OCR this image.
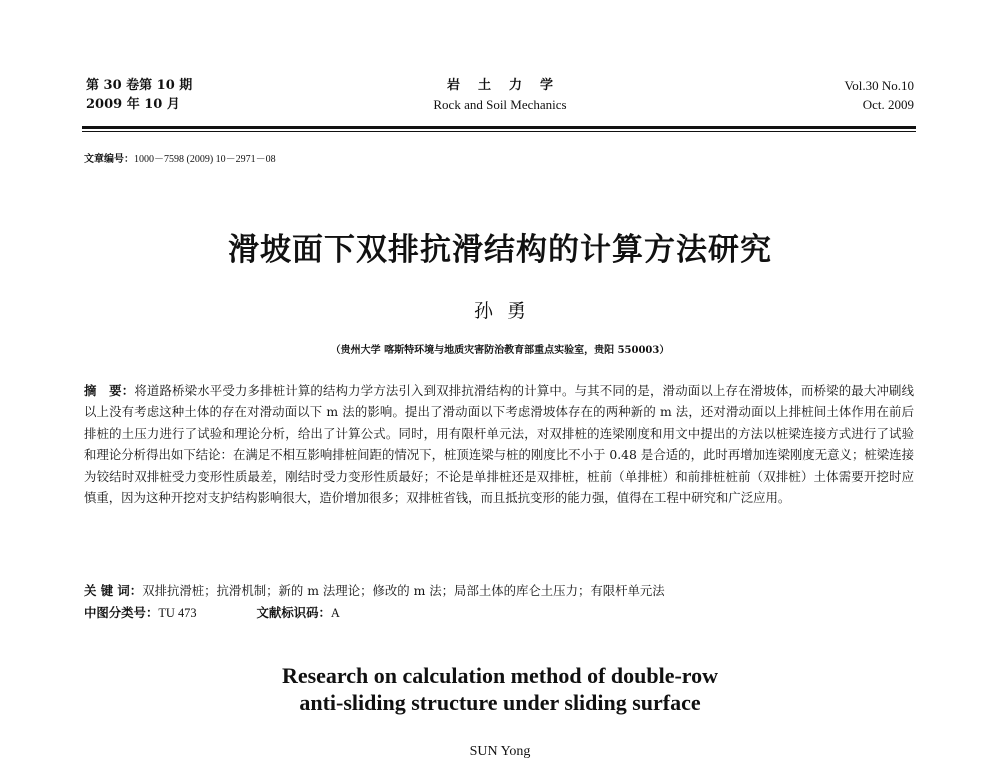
第 30 卷第 10 期
2009 年 10 月
岩土力学
Rock and Soil Mechanics
Vol.30 No.10
Oct. 2009
文章编号：1000－7598 (2009) 10－2971－08
滑坡面下双排抗滑结构的计算方法研究
孙勇
（贵州大学 喀斯特环境与地质灾害防治教育部重点实验室，贵阳 550003）

摘　要：将道路桥梁水平受力多排桩计算的结构力学方法引入到双排抗滑结构的计算中。与其不同的是，滑动面以上存在滑坡体，而桥梁的最大冲刷线以上没有考虑这种土体的存在对滑动面以下 m 法的影响。提出了滑动面以下考虑滑坡体存在的两种新的 m 法，还对滑动面以上排桩间土体作用在前后排桩的土压力进行了试验和理论分析，给出了计算公式。同时，用有限杆单元法，对双排桩的连梁刚度和用文中提出的方法以桩梁连接方式进行了试验和理论分析得出如下结论：在满足不相互影响排桩间距的情况下，桩顶连梁与桩的刚度比不小于 0.48 是合适的，此时再增加连梁刚度无意义；桩梁连接为铰结时双排桩受力变形性质最差，刚结时受力变形性质最好；不论是单排桩还是双排桩，桩前（单排桩）和前排桩桩前（双排桩）土体需要开挖时应慎重，因为这种开挖对支护结构影响很大，造价增加很多；双排桩省钱，而且抵抗变形的能力强，值得在工程中研究和广泛应用。

关 键 词：双排抗滑桩；抗滑机制；新的 m 法理论；修改的 m 法；局部土体的库仑土压力；有限杆单元法
中图分类号：TU 473	文献标识码：A
Research on calculation method of double-row
anti-sliding structure under sliding surface
SUN Yong
